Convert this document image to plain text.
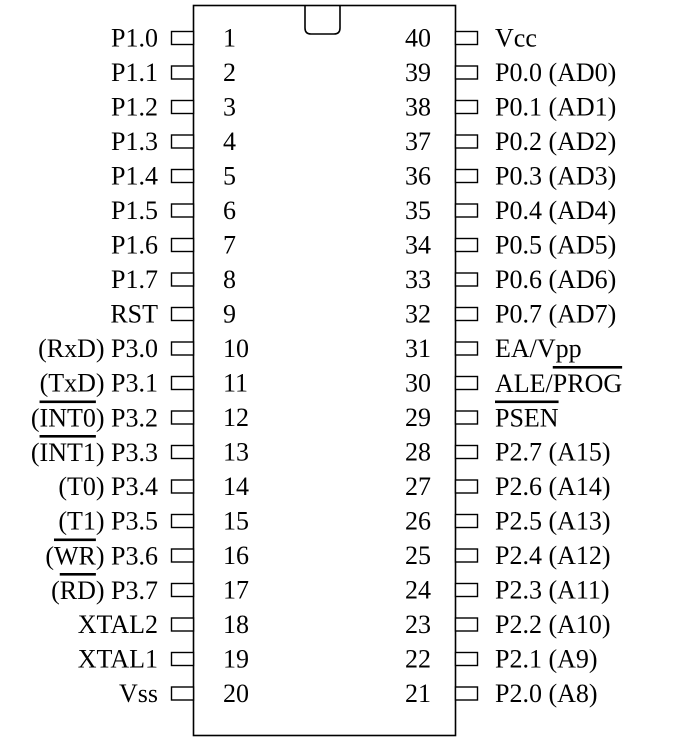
1
P1.0
2
P1.1
3
P1.2
4
P1.3
5
P1.4
6
P1.5
7
P1.6
8
P1.7
9
RST
10
(RxD) P3.0
11
(TxD) P3.1
12
(INT0) P3.2
13
(INT1) P3.3
14
(T0) P3.4
15
(T1) P3.5
16
(WR) P3.6
17
(RD) P3.7
18
XTAL2
19
XTAL1
20
Vss
40 Vcc
39 P0.0 (AD0)
38 P0.1 (AD1)
37 P0.2 (AD2)
36 P0.3 (AD3)
35 P0.4 (AD4)
34 P0.5 (AD5)
33 P0.6 (AD6)
32 P0.7 (AD7)
31 EA/Vpp
30 ALE/PROG
29 PSEN
28 P2.7 (A15)
27 P2.6 (A14)
26 P2.5 (A13)
25 P2.4 (A12)
24 P2.3 (A11)
23 P2.2 (A10)
22 P2.1 (A9)
21 P2.0 (A8)
